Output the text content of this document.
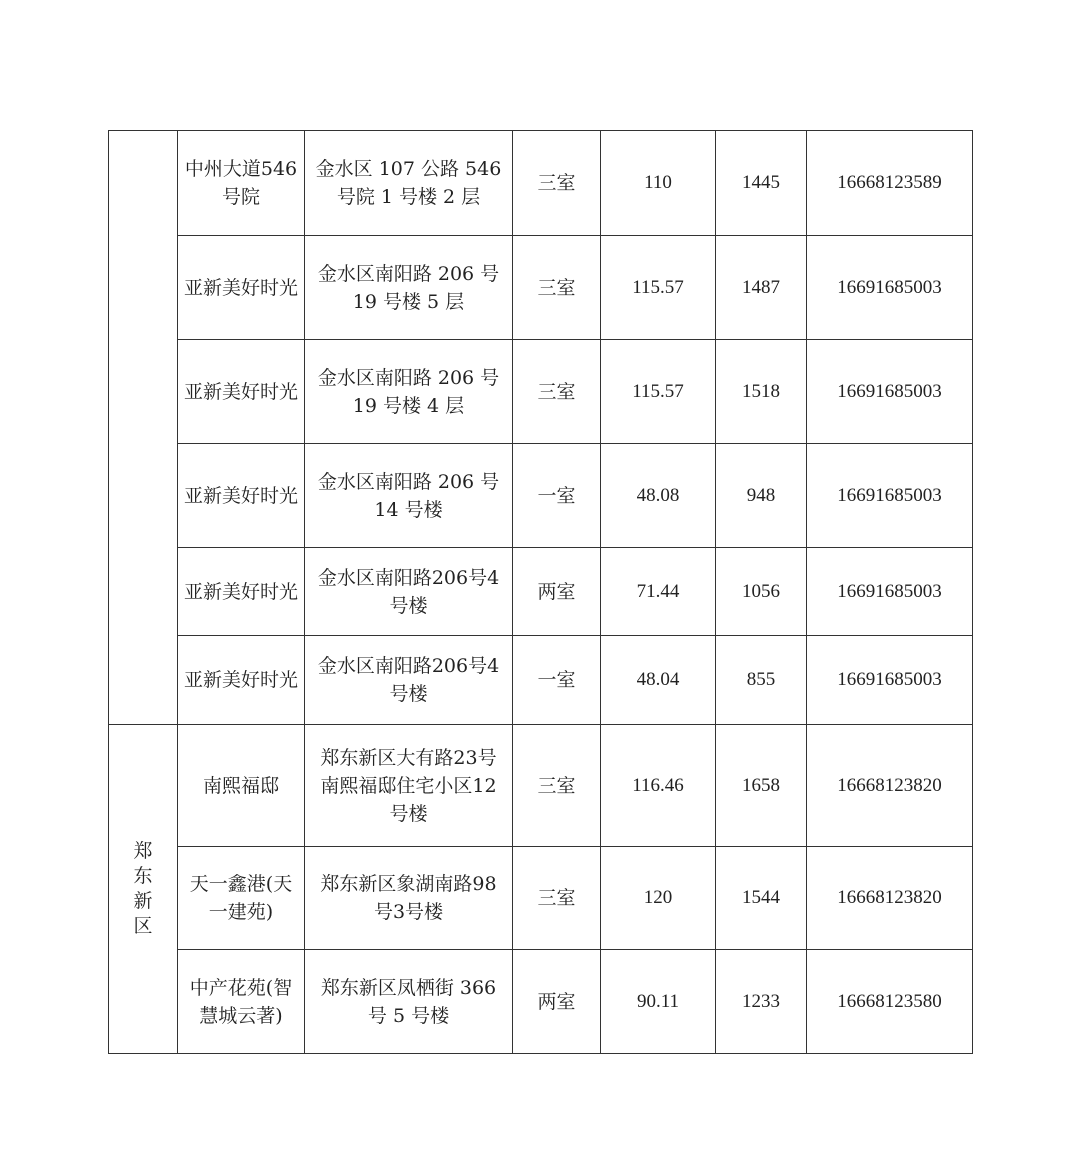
	中州大道546号院	金水区 107 公路 546 号院 1 号楼 2 层	三室	110	1445	16668123589
	亚新美好时光	金水区南阳路 206 号 19 号楼 5 层	三室	115.57	1487	16691685003
	亚新美好时光	金水区南阳路 206 号 19 号楼 4 层	三室	115.57	1518	16691685003
	亚新美好时光	金水区南阳路 206 号 14 号楼	一室	48.08	948	16691685003
	亚新美好时光	金水区南阳路206号4号楼	两室	71.44	1056	16691685003
	亚新美好时光	金水区南阳路206号4号楼	一室	48.04	855	16691685003
郑东新区	南熙福邸	郑东新区大有路23号南熙福邸住宅小区12号楼	三室	116.46	1658	16668123820
	天一鑫港(天一建苑)	郑东新区象湖南路98号3号楼	三室	120	1544	16668123820
	中产花苑(智慧城云著)	郑东新区凤栖街 366 号 5 号楼	两室	90.11	1233	16668123580
